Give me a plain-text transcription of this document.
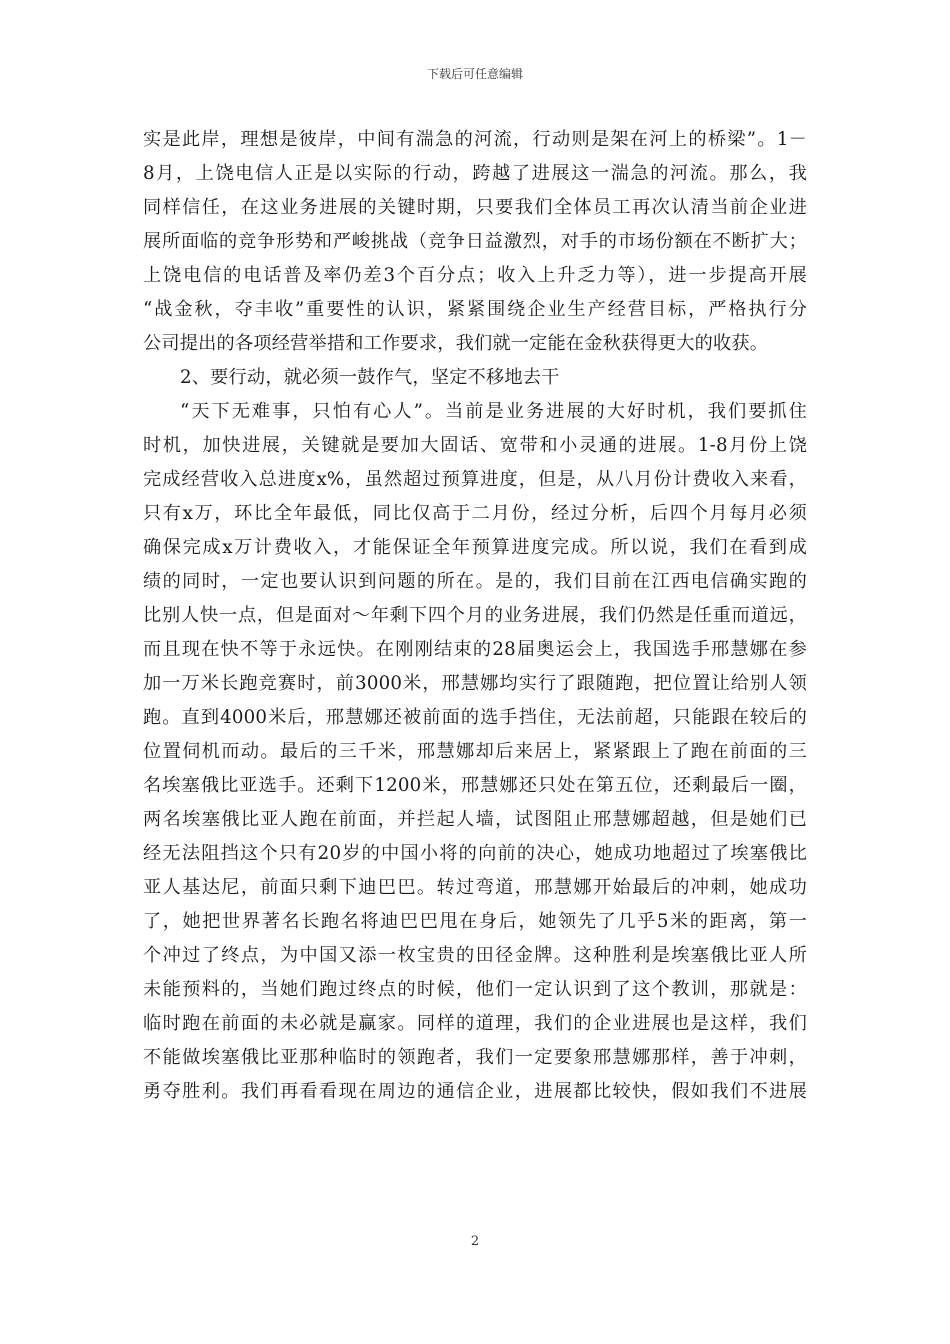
下载后可任意编辑
实是此岸，理想是彼岸，中间有湍急的河流，行动则是架在河上的桥梁”。1－
8月，上饶电信人正是以实际的行动，跨越了进展这一湍急的河流。那么，我
同样信任，在这业务进展的关键时期，只要我们全体员工再次认清当前企业进
展所面临的竞争形势和严峻挑战（竞争日益激烈，对手的市场份额在不断扩大；
上饶电信的电话普及率仍差3个百分点；收入上升乏力等），进一步提高开展
“战金秋，夺丰收”重要性的认识，紧紧围绕企业生产经营目标，严格执行分
公司提出的各项经营举措和工作要求，我们就一定能在金秋获得更大的收获。
2、要行动，就必须一鼓作气，坚定不移地去干
“天下无难事，只怕有心人”。当前是业务进展的大好时机，我们要抓住
时机，加快进展，关键就是要加大固话、宽带和小灵通的进展。1-8月份上饶
完成经营收入总进度x%，虽然超过预算进度，但是，从八月份计费收入来看，
只有x万，环比全年最低，同比仅高于二月份，经过分析，后四个月每月必须
确保完成x万计费收入，才能保证全年预算进度完成。所以说，我们在看到成
绩的同时，一定也要认识到问题的所在。是的，我们目前在江西电信确实跑的
比别人快一点，但是面对～年剩下四个月的业务进展，我们仍然是任重而道远，
而且现在快不等于永远快。在刚刚结束的28届奥运会上，我国选手邢慧娜在参
加一万米长跑竞赛时，前3000米，邢慧娜均实行了跟随跑，把位置让给别人领
跑。直到4000米后，邢慧娜还被前面的选手挡住，无法前超，只能跟在较后的
位置伺机而动。最后的三千米，邢慧娜却后来居上，紧紧跟上了跑在前面的三
名埃塞俄比亚选手。还剩下1200米，邢慧娜还只处在第五位，还剩最后一圈，
两名埃塞俄比亚人跑在前面，并拦起人墙，试图阻止邢慧娜超越，但是她们已
经无法阻挡这个只有20岁的中国小将的向前的决心，她成功地超过了埃塞俄比
亚人基达尼，前面只剩下迪巴巴。转过弯道，邢慧娜开始最后的冲刺，她成功
了，她把世界著名长跑名将迪巴巴甩在身后，她领先了几乎5米的距离，第一
个冲过了终点，为中国又添一枚宝贵的田径金牌。这种胜利是埃塞俄比亚人所
未能预料的，当她们跑过终点的时候，他们一定认识到了这个教训，那就是：
临时跑在前面的未必就是赢家。同样的道理，我们的企业进展也是这样，我们
不能做埃塞俄比亚那种临时的领跑者，我们一定要象邢慧娜那样，善于冲刺，
勇夺胜利。我们再看看现在周边的通信企业，进展都比较快，假如我们不进展
2
